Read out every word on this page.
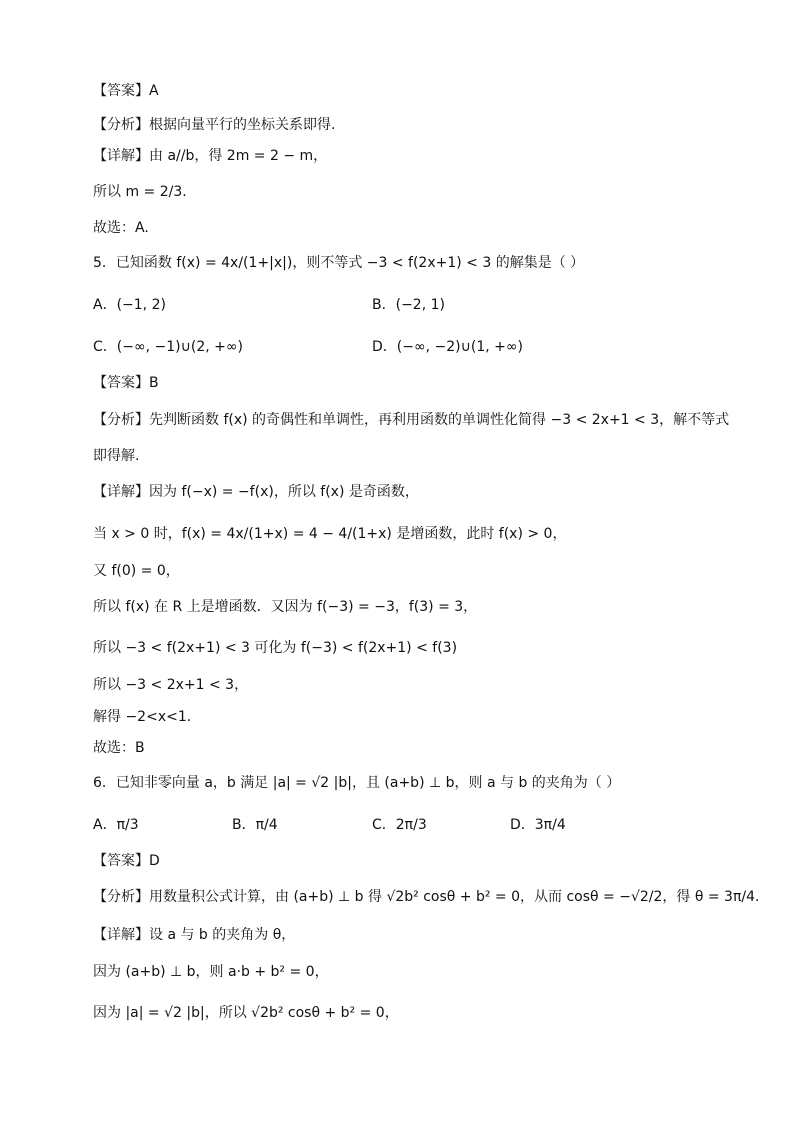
【 答案 】 A
【 分析 】 根据向量平行的坐标关系即得.
【 详解 】 由 a//b，得 2m = 2 − m，
所以 m = 2/3.
故选：A.
5．已知函数 f(x) = 4x/(1+|x|)，则不等式 −3 < f(2x+1) < 3 的解集是（ ）
A．(−1, 2)	B．(−2, 1)
C．(−∞, −1)∪(2, +∞)	D．(−∞, −2)∪(1, +∞)
【 答案 】 B
【 分析 】 先判断函数 f(x) 的奇偶性和单调性，再利用函数的单调性化简得 −3 < 2x+1 < 3，解不等式
即得解.
【 详解 】 因为 f(−x) = −f(x)，所以 f(x) 是奇函数，
当 x > 0 时，f(x) = 4x/(1+x) = 4 − 4/(1+x) 是增函数，此时 f(x) > 0，
又 f(0) = 0，
所以 f(x) 在 R 上是增函数．又因为 f(−3) = −3，f(3) = 3，
所以 −3 < f(2x+1) < 3 可化为 f(−3) < f(2x+1) < f(3)
所以 −3 < 2x+1 < 3，
解得 −2<x<1．
故选：B
6．已知非零向量 a，b 满足 |a| = √2 |b|，且 (a+b) ⊥ b，则 a 与 b 的夹角为（ ）
A．π/3	B．π/4	C．2π/3	D．3π/4
【 答案 】 D
【 分析 】 用数量积公式计算，由 (a+b) ⊥ b 得 √2b² cosθ + b² = 0，从而 cosθ = −√2/2，得 θ = 3π/4.
【 详解 】 设 a 与 b 的夹角为 θ，
因为 (a+b) ⊥ b，则 a·b + b² = 0，
因为 |a| = √2 |b|，所以 √2b² cosθ + b² = 0，
